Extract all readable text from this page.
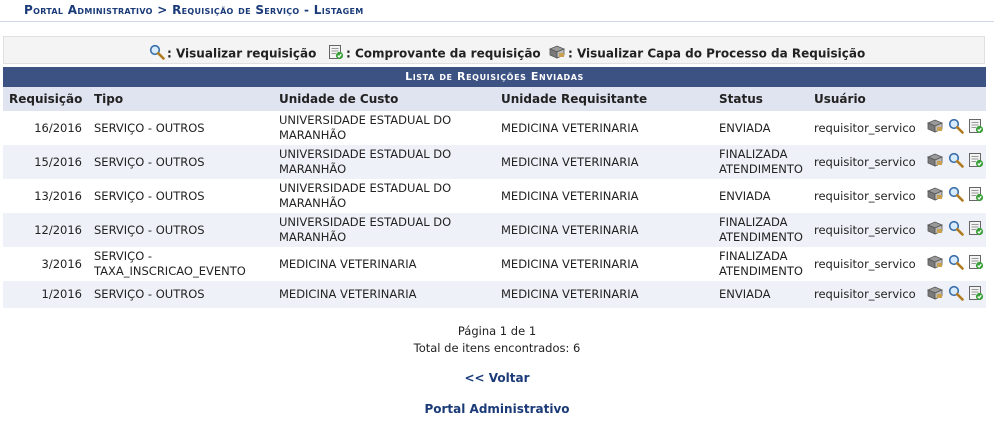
Portal Administrativo > Requisição de Serviço - Listagem
: Visualizar requisição	: Comprovante da requisição	: Visualizar Capa do Processo da Requisição
Lista de Requisições Enviadas
Requisição	Tipo	Unidade de Custo	Unidade Requisitante	Status	Usuário	
16/2016	SERVIÇO - OUTROS	UNIVERSIDADE ESTADUAL DO MARANHÃO	MEDICINA VETERINARIA	ENVIADA	requisitor_servico	
15/2016	SERVIÇO - OUTROS	UNIVERSIDADE ESTADUAL DO MARANHÃO	MEDICINA VETERINARIA	FINALIZADA ATENDIMENTO	requisitor_servico	
13/2016	SERVIÇO - OUTROS	UNIVERSIDADE ESTADUAL DO MARANHÃO	MEDICINA VETERINARIA	ENVIADA	requisitor_servico	
12/2016	SERVIÇO - OUTROS	UNIVERSIDADE ESTADUAL DO MARANHÃO	MEDICINA VETERINARIA	FINALIZADA ATENDIMENTO	requisitor_servico	
3/2016	SERVIÇO - TAXA_INSCRICAO_EVENTO	MEDICINA VETERINARIA	MEDICINA VETERINARIA	FINALIZADA ATENDIMENTO	requisitor_servico	
1/2016	SERVIÇO - OUTROS	MEDICINA VETERINARIA	MEDICINA VETERINARIA	ENVIADA	requisitor_servico	
Página 1 de 1
Total de itens encontrados: 6
<< Voltar
Portal Administrativo
